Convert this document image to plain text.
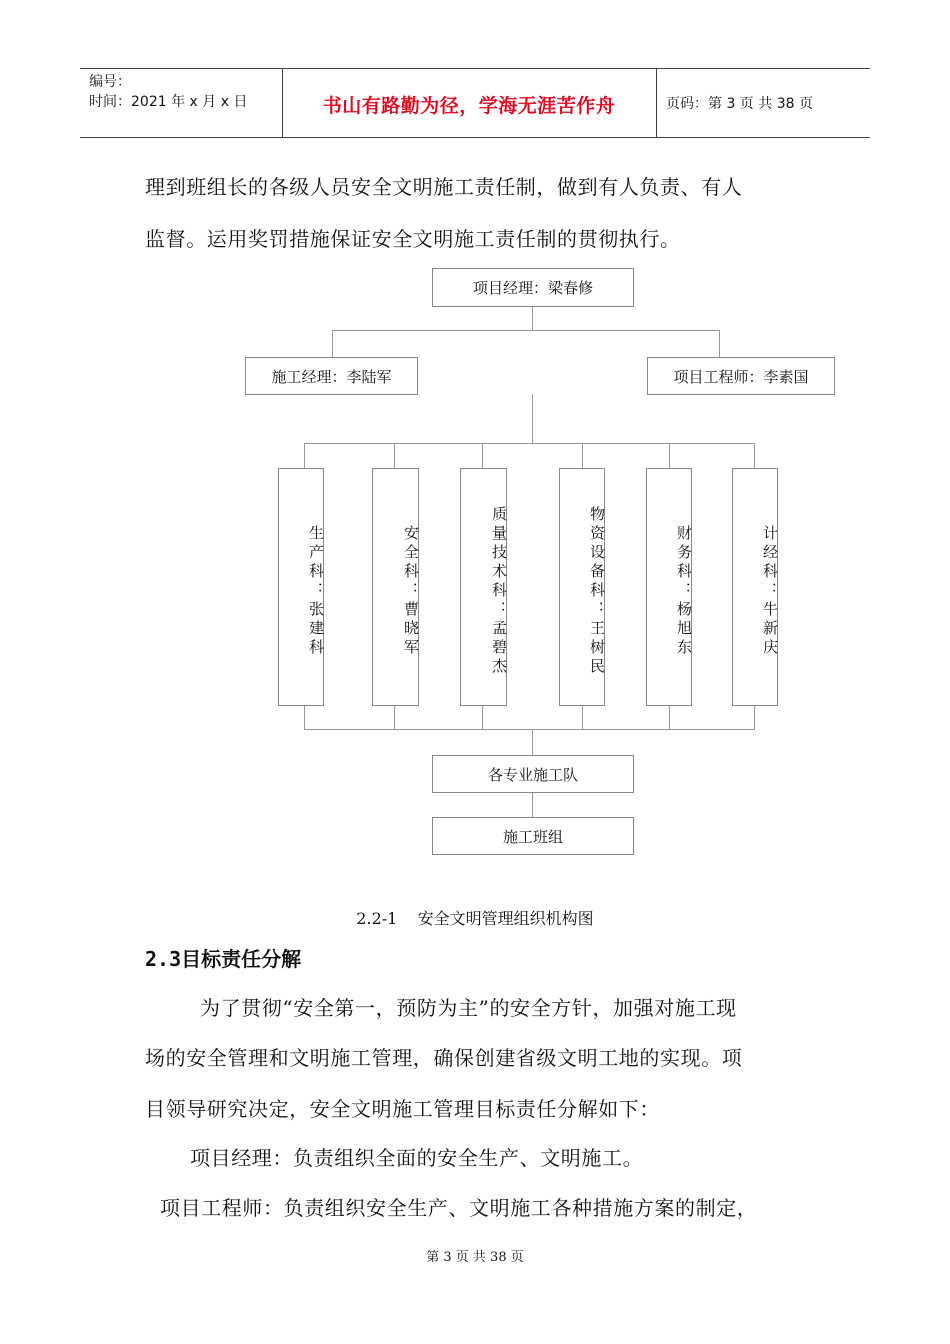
编号：
时间：2021 年 x 月 x 日	书山有路勤为径，学海无涯苦作舟	页码：第 3 页 共 38 页
理到班组长的各级人员安全文明施工责任制，做到有人负责、有人
监督。运用奖罚措施保证安全文明施工责任制的贯彻执行。
项目经理：梁春修
施工经理：李陆军	项目工程师：李素国
生产科：张建科	安全科：曹晓军	质量技术科：孟碧杰	物资设备科：王树民	财务科：杨旭东	计经科：牛新庆
各专业施工队
施工班组
2.2-1    安全文明管理组织机构图
2.3目标责任分解
为了贯彻“安全第一，预防为主”的安全方针，加强对施工现
场的安全管理和文明施工管理，确保创建省级文明工地的实现。项
目领导研究决定，安全文明施工管理目标责任分解如下：
项目经理：负责组织全面的安全生产、文明施工。
项目工程师：负责组织安全生产、文明施工各种措施方案的制定，
第 3 页 共 38 页
